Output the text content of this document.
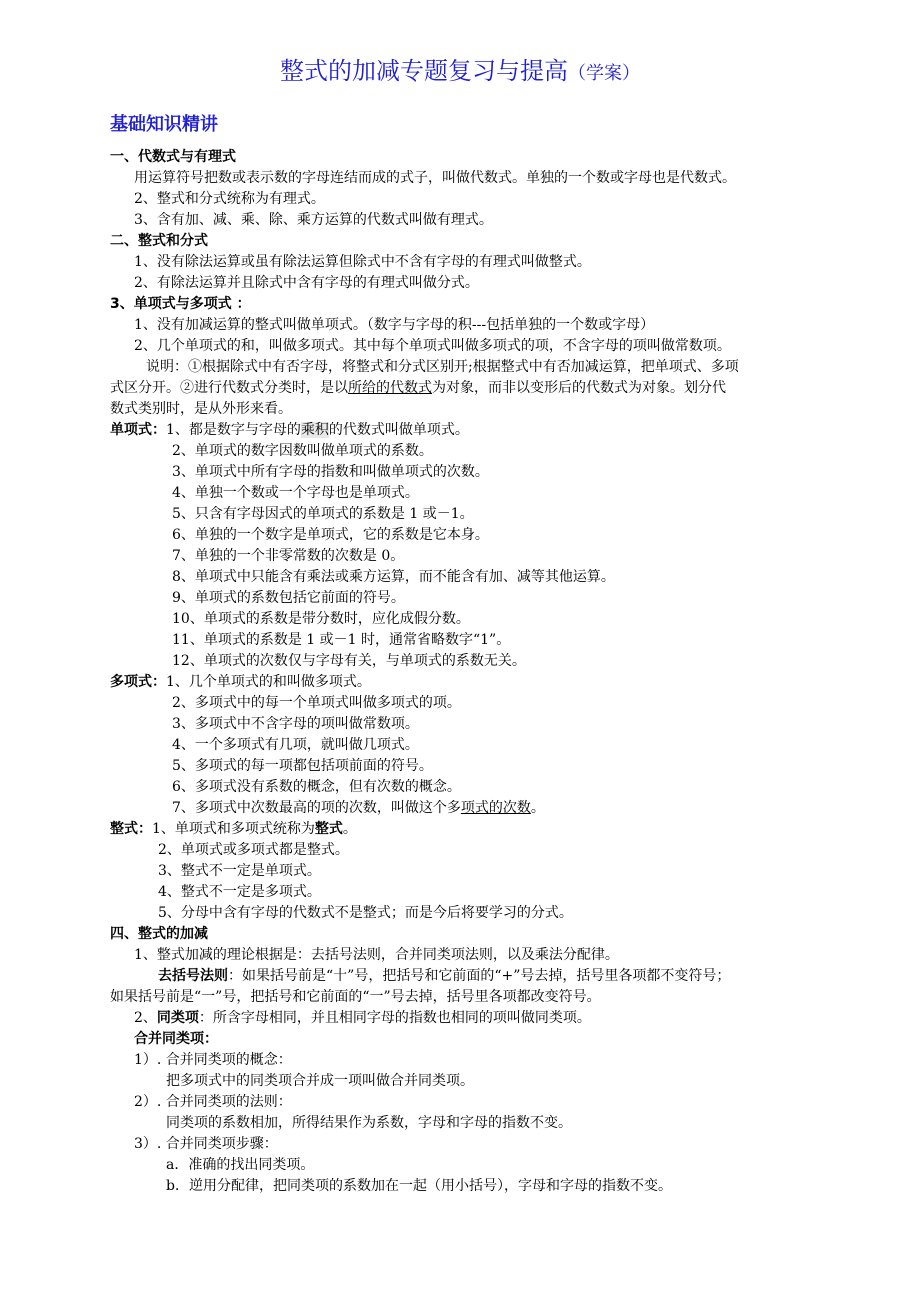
整式的加减专题复习与提高（学案）
基础知识精讲
一、代数式与有理式
用运算符号把数或表示数的字母连结而成的式子，叫做代数式。单独的一个数或字母也是代数式。
2、整式和分式统称为有理式。
3、含有加、减、乘、除、乘方运算的代数式叫做有理式。
二、整式和分式
1、没有除法运算或虽有除法运算但除式中不含有字母的有理式叫做整式。
2、有除法运算并且除式中含有字母的有理式叫做分式。
3、单项式与多项式 ：
1、没有加减运算的整式叫做单项式。（数字与字母的积---包括单独的一个数或字母）
2、几个单项式的和，叫做多项式。其中每个单项式叫做多项式的项，不含字母的项叫做常数项。
说明：①根据除式中有否字母，将整式和分式区别开;根据整式中有否加减运算，把单项式、多项
式区分开。②进行代数式分类时，是以所给的代数式为对象，而非以变形后的代数式为对象。划分代
数式类别时，是从外形来看。
单项式：1、都是数字与字母的乘积的代数式叫做单项式。
2、单项式的数字因数叫做单项式的系数。
3、单项式中所有字母的指数和叫做单项式的次数。
4、单独一个数或一个字母也是单项式。
5、只含有字母因式的单项式的系数是 1 或－1。
6、单独的一个数字是单项式，它的系数是它本身。
7、单独的一个非零常数的次数是 0。
8、单项式中只能含有乘法或乘方运算，而不能含有加、减等其他运算。
9、单项式的系数包括它前面的符号。
10、单项式的系数是带分数时，应化成假分数。
11、单项式的系数是 1 或－1 时，通常省略数字“1”。
12、单项式的次数仅与字母有关，与单项式的系数无关。
多项式：1、几个单项式的和叫做多项式。
2、多项式中的每一个单项式叫做多项式的项。
3、多项式中不含字母的项叫做常数项。
4、一个多项式有几项，就叫做几项式。
5、多项式的每一项都包括项前面的符号。
6、多项式没有系数的概念，但有次数的概念。
7、多项式中次数最高的项的次数，叫做这个多项式的次数。
整式：1、单项式和多项式统称为整式。
2、单项式或多项式都是整式。
3、整式不一定是单项式。
4、整式不一定是多项式。
5、分母中含有字母的代数式不是整式；而是今后将要学习的分式。
四、整式的加减
1、整式加减的理论根据是：去括号法则，合并同类项法则，以及乘法分配律。
去括号法则：如果括号前是“十”号，把括号和它前面的“+”号去掉，括号里各项都不变符号；
如果括号前是“一”号，把括号和它前面的“一”号去掉，括号里各项都改变符号。
2、同类项：所含字母相同，并且相同字母的指数也相同的项叫做同类项。
合并同类项：
1）. 合并同类项的概念：
把多项式中的同类项合并成一项叫做合并同类项。
2）. 合并同类项的法则：
同类项的系数相加，所得结果作为系数，字母和字母的指数不变。
3）. 合并同类项步骤：
a．准确的找出同类项。
b．逆用分配律，把同类项的系数加在一起（用小括号），字母和字母的指数不变。
